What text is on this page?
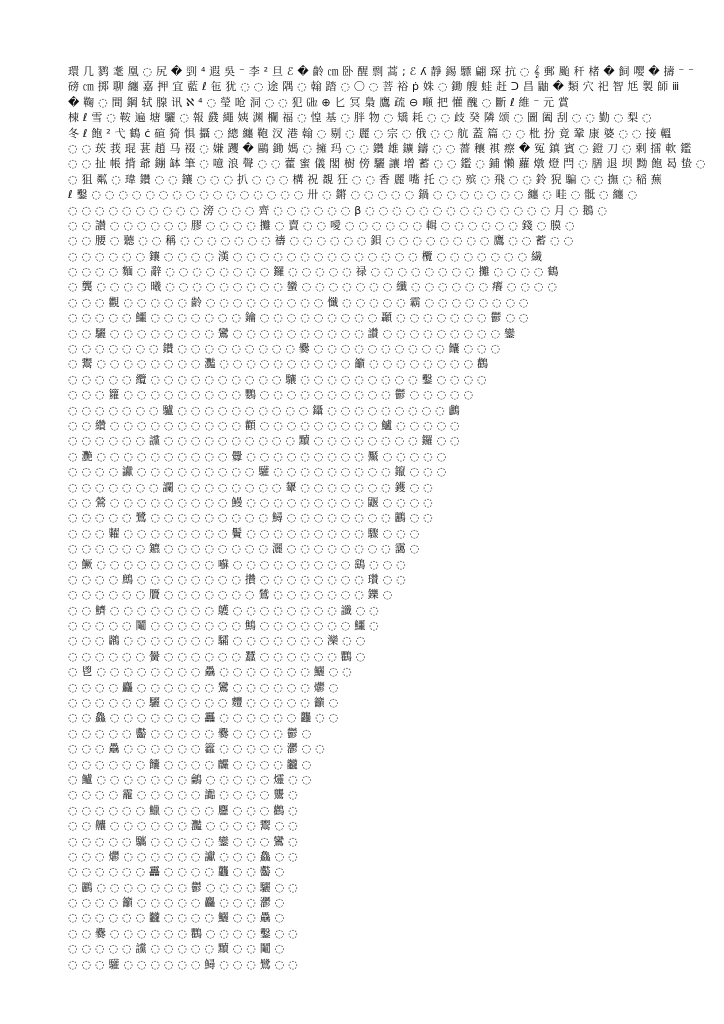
環 几 鹨 耄 凰 ◌ 尻 � 剄 ⁴ 遐 吳 ⁻ 李 ² 旦 ℰ � 齡 ㎝ 卧 醒 剽 蒿 ; ℰ ʎ 靜 錫 驃 翩 琛 抗 ◌ 𝄞 郵 颱 秆 楮 � 飼 嘤 � 擣 ⁻ ⁻
磅 ㎝ 掷 聊 纏 嘉 押 宜 藍 ℓ 㐌 犹 ◌ ◌ 途 隅 ◌ 翰 踏 ◌ 〇 ◌ 菩 裕 ṗ 姝 ◌ 鋤 艘 蛙 赶 ᑐ 昌 鼬 � 類 穴 祀 智 尪 製 師 ⅲ
� 鞠 ◌ 間 鋼 轼 腺 讯 ℵ ⁴ ◌ 瑩 呛 洞 ◌ ◌ 犯 ㎓ ⊕ 匕 冥 梟 鷹 疏 ⊖ 噸 把 懽 醜 ◌ 斷 ℓ 維 ⁻ 元 賞
棟 ℓ 雪 ◌ 鞍 遍 塘 驪 ◌ 報 鼗 繩 姨 渊 欄 福 ◌ 惶 基 ◌ 胖 物 ◌ 矯 耗 ◌ ◌ 歧 癸 隣 颂 ◌ 圖 阖 刮 ◌ ◌ 勤 ◌ 梨 ◌
冬 ℓ 飽 ² 弋 鶴 ċ 碹 猗 惧 攝 ◌ 總 纏 鞄 汊 港 翰 ◌ 剔 ◌ 麗 ◌ 宗 ◌ 俄 ◌ ◌ 航 蓋 篇 ◌ ◌ 枇 扮 竟 鞏 康 婆 ◌ ◌ 接 轀
◌ ◌ 莰 莪 琨 葚 趙 马 裰 ◌ 嫌 躩 � 鷗 鋤 媽 ◌ 擁 玛 ◌ ◌ 鑽 雄 鑛 鑄 ◌ ◌ 薔 穰 褀 瘵 � 冤 鎮 賓 ◌ 鐙 刀 ◌ 剩 擂 軟 鑑
◌ ◌ 扯 帳 揹 爺 鏰 缽 筆 ◌ 噫 浪 聲 ◌ ◌ 藿 蜜 儀 閣 樹 傍 驪 讓 增 蓄 ◌ ◌ 鑑 ◌ 鋪 懶 蘿 燉 燈 閂 ◌ 膳 退 坝 黝 飽 曷 蛰 ◌
◌ 狙 粼 ◌ 瑋 鑽 ◌ ◌ 鑲 ◌ ◌ ◌ 扒 ◌ ◌ ◌ 構 祝 覩 狂 ◌ ◌ 香 麗 嘴 托 ◌ ◌ 殡 ◌ 飛 ◌ ◌ 鈴 猊 騙 ◌ ◌ 撫 ◌ 稲 蕪
ℓ 鑿 ◌ ◌ ◌ ◌ ◌ ◌ ◌ ◌ ◌ ◌ ◌ ◌ ◌ ◌ ◌ ◌ 卅 ◌ 鏘 ◌ ◌ ◌ ◌ ◌ 鍋 ◌ ◌ ◌ ◌ ◌ ◌ ◌ 纏 ◌ 畦 ◌ 骶 ◌ 纏 ◌
◌ ◌ ◌ ◌ ◌ ◌ ◌ ◌ ◌ ◌ 滂 ◌ ◌ ◌ 齊 ◌ ◌ ◌ ◌ ◌ ◌ β ◌ ◌ ◌ ◌ ◌ ◌ ◌ ◌ ◌ ◌ ◌ ◌ ◌ ◌ 月 ◌ 鵝 ◌
◌ ◌ 讃 ◌ ◌ ◌ ◌ ◌ ◌ 膠 ◌ ◌ ◌ ◌ 攤 ◌ 賣 ◌ ◌ 噯 ◌ ◌ ◌ ◌ ◌ ◌ 輯 ◌ ◌ ◌ ◌ ◌ ◌ 錢 ◌ 膜 ◌
◌ ◌ 腰 ◌ 聽 ◌ ◌ 稱 ◌ ◌ ◌ ◌ ◌ ◌ ◌ 禱 ◌ ◌ ◌ ◌ ◌ ◌ 鋇 ◌ ◌ ◌ ◌ ◌ ◌ ◌ ◌ 鷹 ◌ ◌ 蓄 ◌ ◌
◌ ◌ ◌ ◌ ◌ ◌ 鑲 ◌ ◌ ◌ ◌ 漢 ◌ ◌ ◌ ◌ ◌ ◌ ◌ ◌ ◌ ◌ ◌ ◌ ◌ ◌ 欖 ◌ ◌ ◌ ◌ ◌ ◌ ◌ 繊
◌ ◌ ◌ ◌ 麵 ◌ 辭 ◌ ◌ ◌ ◌ ◌ ◌ ◌ ◌ 鑼 ◌ ◌ ◌ ◌ ◌ 禄 ◌ ◌ ◌ ◌ ◌ ◌ ◌ ◌ 攤 ◌ ◌ ◌ ◌ 鶴
◌ 龔 ◌ ◌ ◌ ◌ 曦 ◌ ◌ ◌ ◌ ◌ ◌ ◌ ◌ ◌ 蠻 ◌ ◌ ◌ ◌ ◌ ◌ ◌ 纖 ◌ ◌ ◌ ◌ ◌ ◌ 癢 ◌ ◌ ◌ ◌
◌ ◌ ◌ 觀 ◌ ◌ ◌ ◌ ◌ 齡 ◌ ◌ ◌ ◌ ◌ ◌ ◌ ◌ ◌ 懺 ◌ ◌ ◌ ◌ ◌ 霸 ◌ ◌ ◌ ◌ ◌ ◌ ◌ ◌
◌ ◌ ◌ ◌ ◌ 鱷 ◌ ◌ ◌ ◌ ◌ ◌ ◌ 鑰 ◌ ◌ ◌ ◌ ◌ ◌ ◌ ◌ ◌ 顳 ◌ ◌ ◌ ◌ ◌ ◌ ◌ 鬱 ◌ ◌
◌ ◌ 驪 ◌ ◌ ◌ ◌ ◌ ◌ ◌ ◌ 鸞 ◌ ◌ ◌ ◌ ◌ ◌ ◌ ◌ ◌ ◌ 讚 ◌ ◌ ◌ ◌ ◌ ◌ ◌ ◌ ◌ 鑾
◌ ◌ ◌ ◌ ◌ ◌ ◌ 鑽 ◌ ◌ ◌ ◌ ◌ ◌ ◌ ◌ ◌ 爨 ◌ ◌ ◌ ◌ ◌ ◌ ◌ ◌ ◌ ◌ 饢 ◌ ◌ ◌
◌ 鬻 ◌ ◌ ◌ ◌ ◌ ◌ ◌ ◌ 灩 ◌ ◌ ◌ ◌ ◌ ◌ ◌ ◌ ◌ ◌ 籲 ◌ ◌ ◌ ◌ ◌ ◌ ◌ ◌ 鸛
◌ ◌ ◌ ◌ ◌ 纜 ◌ ◌ ◌ ◌ ◌ ◌ ◌ ◌ ◌ ◌ 驤 ◌ ◌ ◌ ◌ ◌ ◌ ◌ ◌ ◌ 鑿 ◌ ◌ ◌ ◌
◌ ◌ ◌ 籮 ◌ ◌ ◌ ◌ ◌ ◌ ◌ ◌ ◌ 鸚 ◌ ◌ ◌ ◌ ◌ ◌ ◌ ◌ ◌ ◌ 鬱 ◌ ◌ ◌ ◌ ◌
◌ ◌ ◌ ◌ ◌ ◌ ◌ 驢 ◌ ◌ ◌ ◌ ◌ ◌ ◌ ◌ ◌ ◌ 鑷 ◌ ◌ ◌ ◌ ◌ ◌ ◌ ◌ ◌ 鸕
◌ ◌ 纘 ◌ ◌ ◌ ◌ ◌ ◌ ◌ ◌ ◌ ◌ 顴 ◌ ◌ ◌ ◌ ◌ ◌ ◌ ◌ ◌ 鱸 ◌ ◌ ◌ ◌ ◌
◌ ◌ ◌ ◌ ◌ ◌ 讜 ◌ ◌ ◌ ◌ ◌ ◌ ◌ ◌ ◌ ◌ 黷 ◌ ◌ ◌ ◌ ◌ ◌ ◌ ◌ 鑼 ◌ ◌
◌ 灧 ◌ ◌ ◌ ◌ ◌ ◌ ◌ ◌ ◌ ◌ 釁 ◌ ◌ ◌ ◌ ◌ ◌ ◌ ◌ ◌ 黶 ◌ ◌ ◌ ◌ ◌
◌ ◌ ◌ ◌ 讞 ◌ ◌ ◌ ◌ ◌ ◌ ◌ ◌ ◌ 驩 ◌ ◌ ◌ ◌ ◌ ◌ ◌ ◌ ◌ 鑹 ◌ ◌ ◌
◌ ◌ ◌ ◌ ◌ ◌ ◌ 讕 ◌ ◌ ◌ ◌ ◌ ◌ ◌ ◌ 顰 ◌ ◌ ◌ ◌ ◌ ◌ ◌ 鑊 ◌ ◌
◌ ◌ 鶯 ◌ ◌ ◌ ◌ ◌ ◌ ◌ ◌ ◌ 鰻 ◌ ◌ ◌ ◌ ◌ ◌ ◌ ◌ ◌ 鼴 ◌ ◌ ◌ ◌
◌ ◌ ◌ ◌ ◌ 鷺 ◌ ◌ ◌ ◌ ◌ ◌ ◌ ◌ ◌ 鱘 ◌ ◌ ◌ ◌ ◌ ◌ ◌ ◌ 鸝 ◌ ◌
◌ ◌ ◌ 糶 ◌ ◌ ◌ ◌ ◌ ◌ ◌ ◌ 鬢 ◌ ◌ ◌ ◌ ◌ ◌ ◌ ◌ ◌ 驟 ◌ ◌ ◌
◌ ◌ ◌ ◌ ◌ ◌ 鑣 ◌ ◌ ◌ ◌ ◌ ◌ ◌ ◌ 灑 ◌ ◌ ◌ ◌ ◌ ◌ ◌ ◌ 靄 ◌
◌ 鱖 ◌ ◌ ◌ ◌ ◌ ◌ ◌ ◌ ◌ 囌 ◌ ◌ ◌ ◌ ◌ ◌ ◌ ◌ ◌ 鷂 ◌ ◌ ◌
◌ ◌ ◌ ◌ 鷓 ◌ ◌ ◌ ◌ ◌ ◌ ◌ ◌ 攢 ◌ ◌ ◌ ◌ ◌ ◌ ◌ ◌ 瓚 ◌ ◌
◌ ◌ ◌ ◌ ◌ ◌ 贗 ◌ ◌ ◌ ◌ ◌ ◌ ◌ 鷥 ◌ ◌ ◌ ◌ ◌ ◌ ◌ 鑠 ◌
◌ ◌ 鱭 ◌ ◌ ◌ ◌ ◌ ◌ ◌ ◌ 鸌 ◌ ◌ ◌ ◌ ◌ ◌ ◌ ◌ 讖 ◌ ◌
◌ ◌ ◌ ◌ ◌ 鬮 ◌ ◌ ◌ ◌ ◌ ◌ ◌ 鷦 ◌ ◌ ◌ ◌ ◌ ◌ ◌ 鱷 ◌
◌ ◌ ◌ 鸊 ◌ ◌ ◌ ◌ ◌ ◌ ◌ 驦 ◌ ◌ ◌ ◌ ◌ ◌ ◌ 灤 ◌ ◌
◌ ◌ ◌ ◌ ◌ ◌ 黌 ◌ ◌ ◌ ◌ ◌ ◌ 蠶 ◌ ◌ ◌ ◌ ◌ ◌ 鸜 ◌
◌ 鬯 ◌ ◌ ◌ ◌ ◌ ◌ ◌ ◌ 驫 ◌ ◌ ◌ ◌ ◌ ◌ ◌ 鱺 ◌ ◌
◌ ◌ ◌ ◌ 麤 ◌ ◌ ◌ ◌ ◌ ◌ 鸞 ◌ ◌ ◌ ◌ ◌ ◌ 爩 ◌
◌ ◌ ◌ ◌ ◌ ◌ 驪 ◌ ◌ ◌ ◌ ◌ 麷 ◌ ◌ ◌ ◌ ◌ 籲 ◌
◌ ◌ 鱻 ◌ ◌ ◌ ◌ ◌ ◌ ◌ 靐 ◌ ◌ ◌ ◌ ◌ ◌ 龘 ◌ ◌
◌ ◌ ◌ ◌ ◌ 齾 ◌ ◌ ◌ ◌ ◌ 爨 ◌ ◌ ◌ ◌ 鬱 ◌
◌ ◌ ◌ 驫 ◌ ◌ ◌ ◌ ◌ ◌ 籱 ◌ ◌ ◌ ◌ ◌ 灪 ◌ ◌
◌ ◌ ◌ ◌ ◌ ◌ 饢 ◌ ◌ ◌ ◌ 麣 ◌ ◌ ◌ ◌ 龖 ◌
◌ 鱸 ◌ ◌ ◌ ◌ ◌ ◌ ◌ 鸙 ◌ ◌ ◌ ◌ ◌ 爧 ◌ ◌
◌ ◌ ◌ ◌ 靇 ◌ ◌ ◌ ◌ ◌ 讟 ◌ ◌ ◌ ◌ 驡 ◌
◌ ◌ ◌ ◌ ◌ ◌ 鱲 ◌ ◌ ◌ ◌ 麢 ◌ ◌ ◌ 鸛 ◌
◌ ◌ 齉 ◌ ◌ ◌ ◌ ◌ ◌ 灩 ◌ ◌ ◌ ◌ 鬻 ◌ ◌
◌ ◌ ◌ ◌ ◌ 驨 ◌ ◌ ◌ ◌ ◌ 鑾 ◌ ◌ ◌ 鸞 ◌
◌ ◌ ◌ 爩 ◌ ◌ ◌ ◌ ◌ ◌ 讞 ◌ ◌ ◌ 鱻 ◌ ◌
◌ ◌ ◌ ◌ ◌ ◌ 靐 ◌ ◌ ◌ ◌ 龘 ◌ ◌ 齾 ◌
◌ 鸝 ◌ ◌ ◌ ◌ ◌ ◌ ◌ 鬱 ◌ ◌ ◌ ◌ 驪 ◌ ◌
◌ ◌ ◌ ◌ 籲 ◌ ◌ ◌ ◌ ◌ 麤 ◌ ◌ ◌ 灪 ◌
◌ ◌ ◌ ◌ ◌ ◌ 龖 ◌ ◌ ◌ ◌ 鱺 ◌ ◌ 驫 ◌
◌ ◌ 爨 ◌ ◌ ◌ ◌ ◌ ◌ 鸜 ◌ ◌ ◌ ◌ 鑿 ◌ ◌
◌ ◌ ◌ ◌ ◌ 讜 ◌ ◌ ◌ ◌ ◌ 黷 ◌ ◌ 鬮 ◌
◌ ◌ ◌ 驩 ◌ ◌ ◌ ◌ ◌ ◌ 鱘 ◌ ◌ ◌ 鷺 ◌ ◌
